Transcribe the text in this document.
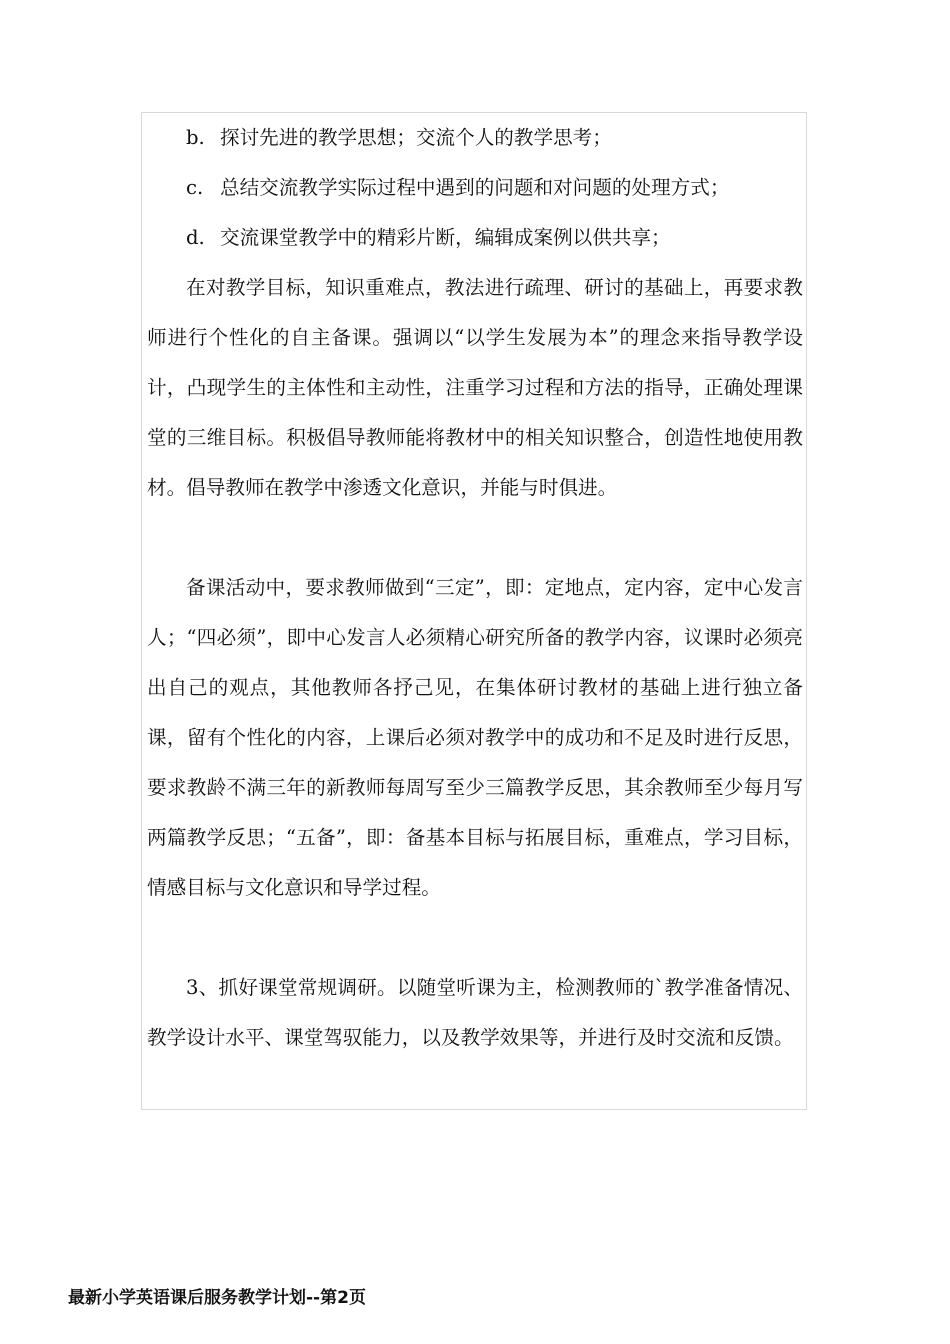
b. 探讨先进的教学思想；交流个人的教学思考；

c. 总结交流教学实际过程中遇到的问题和对问题的处理方式；

d. 交流课堂教学中的精彩片断，编辑成案例以供共享；

在对教学目标，知识重难点，教法进行疏理、研讨的基础上，再要求教师进行个性化的自主备课。强调以“以学生发展为本”的理念来指导教学设计，凸现学生的主体性和主动性，注重学习过程和方法的指导，正确处理课堂的三维目标。积极倡导教师能将教材中的相关知识整合，创造性地使用教材。倡导教师在教学中渗透文化意识，并能与时俱进。

备课活动中，要求教师做到“三定”，即：定地点，定内容，定中心发言人；“四必须”，即中心发言人必须精心研究所备的教学内容，议课时必须亮出自己的观点，其他教师各抒己见，在集体研讨教材的基础上进行独立备课，留有个性化的内容，上课后必须对教学中的成功和不足及时进行反思，要求教龄不满三年的新教师每周写至少三篇教学反思，其余教师至少每月写两篇教学反思；“五备”，即：备基本目标与拓展目标，重难点，学习目标，情感目标与文化意识和导学过程。

3、抓好课堂常规调研。以随堂听课为主，检测教师的`教学准备情况、教学设计水平、课堂驾驭能力，以及教学效果等，并进行及时交流和反馈。

最新小学英语课后服务教学计划--第2页
